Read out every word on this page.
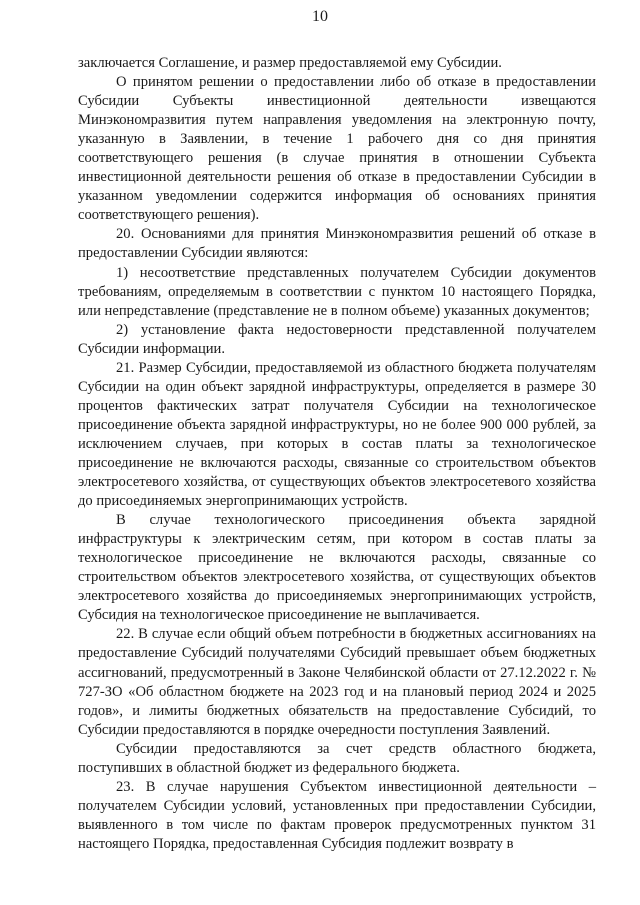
10

заключается Соглашение, и размер предоставляемой ему Субсидии.

О принятом решении о предоставлении либо об отказе в предоставлении Субсидии Субъекты инвестиционной деятельности извещаются Минэкономразвития путем направления уведомления на электронную почту, указанную в Заявлении, в течение 1 рабочего дня со дня принятия соответствующего решения (в случае принятия в отношении Субъекта инвестиционной деятельности решения об отказе в предоставлении Субсидии в указанном уведомлении содержится информация об основаниях принятия соответствующего решения).

20. Основаниями для принятия Минэкономразвития решений об отказе в предоставлении Субсидии являются:

1) несоответствие представленных получателем Субсидии документов требованиям, определяемым в соответствии с пунктом 10 настоящего Порядка, или непредставление (представление не в полном объеме) указанных документов;

2) установление факта недостоверности представленной получателем Субсидии информации.

21. Размер Субсидии, предоставляемой из областного бюджета получателям Субсидии на один объект зарядной инфраструктуры, определяется в размере 30 процентов фактических затрат получателя Субсидии на технологическое присоединение объекта зарядной инфраструктуры, но не более 900 000 рублей, за исключением случаев, при которых в состав платы за технологическое присоединение не включаются расходы, связанные со строительством объектов электросетевого хозяйства, от существующих объектов электросетевого хозяйства до присоединяемых энергопринимающих устройств.

В случае технологического присоединения объекта зарядной инфраструктуры к электрическим сетям, при котором в состав платы за технологическое присоединение не включаются расходы, связанные со строительством объектов электросетевого хозяйства, от существующих объектов электросетевого хозяйства до присоединяемых энергопринимающих устройств, Субсидия на технологическое присоединение не выплачивается.

22. В случае если общий объем потребности в бюджетных ассигнованиях на предоставление Субсидий получателями Субсидий превышает объем бюджетных ассигнований, предусмотренный в Законе Челябинской области от 27.12.2022 г. № 727-ЗО «Об областном бюджете на 2023 год и на плановый период 2024 и 2025 годов», и лимиты бюджетных обязательств на предоставление Субсидий, то Субсидии предоставляются в порядке очередности поступления Заявлений.

Субсидии предоставляются за счет средств областного бюджета, поступивших в областной бюджет из федерального бюджета.

23. В случае нарушения Субъектом инвестиционной деятельности – получателем Субсидии условий, установленных при предоставлении Субсидии, выявленного в том числе по фактам проверок предусмотренных пунктом 31 настоящего Порядка, предоставленная Субсидия подлежит возврату в
